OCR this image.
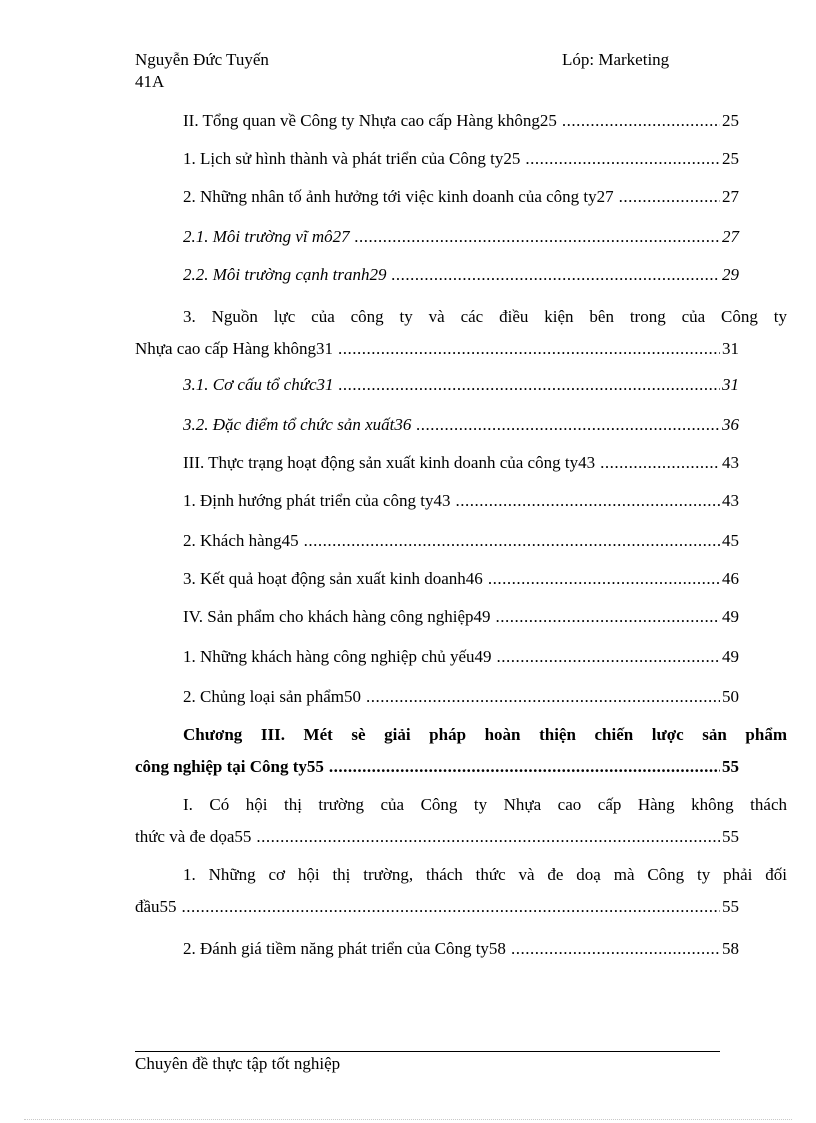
Nguyễn Đức Tuyến	Lóp: Marketing
41A
II. Tổng quan về Công ty Nhựa cao cấp Hàng không25 .....	25
1. Lịch sử hình thành và phát triển của Công ty25 .....	25
2. Những nhân tố ảnh hưởng tới việc kinh doanh của công ty27 .....	27
2.1. Môi trường vĩ mô27 .....	27
2.2. Môi trường cạnh tranh29 .....	29
3. Nguồn lực của công ty và các điều kiện bên trong của Công ty
Nhựa cao cấp Hàng không31 .....	31
3.1. Cơ cấu tổ chức31 .....	31
3.2. Đặc điểm tổ chức sản xuất36 .....	36
III. Thực trạng hoạt động sản xuất kinh doanh của công ty43 .....	43
1. Định hướng phát triển của công ty43 .....	43
2. Khách hàng45 .....	45
3. Kết quả hoạt động sản xuất kinh doanh46 .....	46
IV. Sản phẩm cho khách hàng công nghiệp49 .....	49
1. Những khách hàng công nghiệp chủ yếu49 .....	49
2. Chủng loại sản phẩm50 .....	50
Chương III. Mét sè giải pháp hoàn thiện chiến lược sản phẩm
công nghiệp tại Công ty55 .....	55
I. Có hội thị trường của Công ty Nhựa cao cấp Hàng không thách
thức và đe dọa55 .....	55
1. Những cơ hội thị trường, thách thức và đe doạ mà Công ty phải đối
đầu55 .....	55
2. Đánh giá tiềm năng phát triển của Công ty58 .....	58
Chuyên đề thực tập tốt nghiệp
